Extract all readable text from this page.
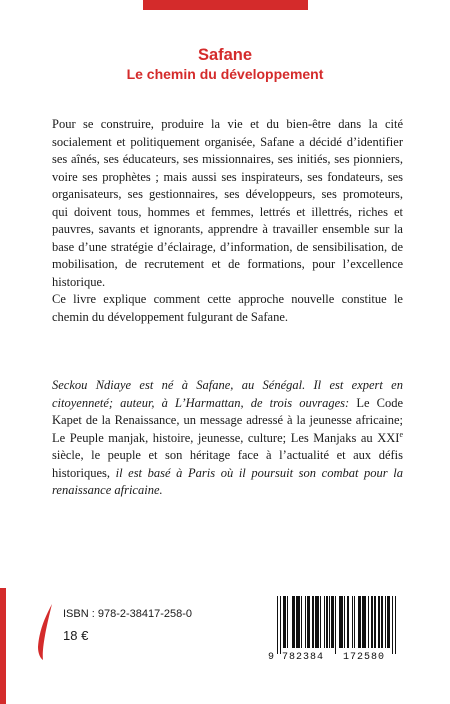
Safane
Le chemin du développement

Pour se construire, produire la vie et du bien-être dans la cité socialement et politiquement organisée, Safane a décidé d’identifier ses aînés, ses éducateurs, ses missionnaires, ses initiés, ses pionniers, voire ses prophètes ; mais aussi ses inspirateurs, ses fondateurs, ses organisateurs, ses gestionnaires, ses développeurs, ses promoteurs, qui doivent tous, hommes et femmes, lettrés et illettrés, riches et pauvres, savants et ignorants, apprendre à travailler ensemble sur la base d’une stratégie d’éclairage, d’information, de sensibilisation, de mobilisation, de recrutement et de formations, pour l’excellence historique.

Ce livre explique comment cette approche nouvelle constitue le chemin du développement fulgurant de Safane.

Seckou Ndiaye est né à Safane, au Sénégal. Il est expert en citoyenneté; auteur, à L’Harmattan, de trois ouvrages: Le Code Kapet de la Renaissance, un message adressé à la jeunesse africaine; Le Peuple manjak, histoire, jeunesse, culture; Les Manjaks au XXIe siècle, le peuple et son héritage face à l’actualité et aux défis historiques, il est basé à Paris où il poursuit son combat pour la renaissance africaine.

ISBN : 978-2-38417-258-0
18 €
9 782384 172580
